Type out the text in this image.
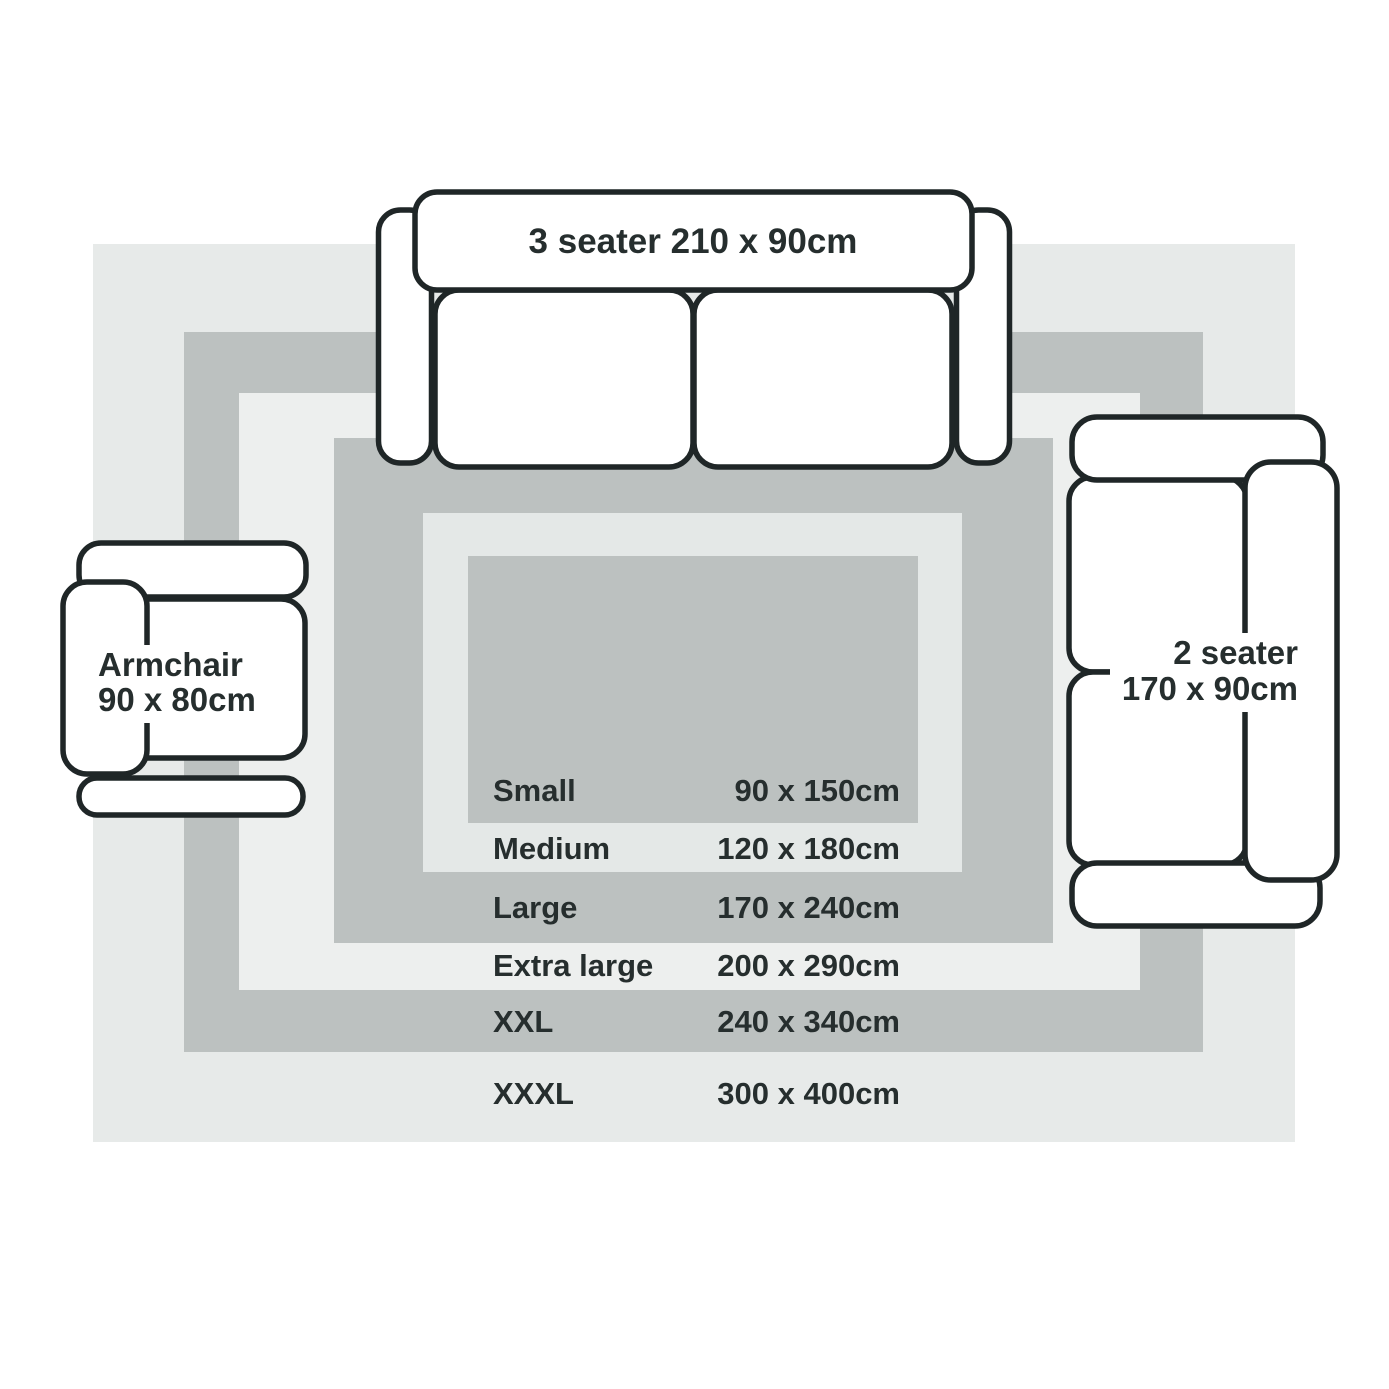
3 seater 210 x 90cm
Armchair
90 x 80cm
2 seater
170 x 90cm
Small	90 x 150cm
Medium	120 x 180cm
Large	170 x 240cm
Extra large 200 x 290cm
XXL	240 x 340cm
XXXL	300 x 400cm
